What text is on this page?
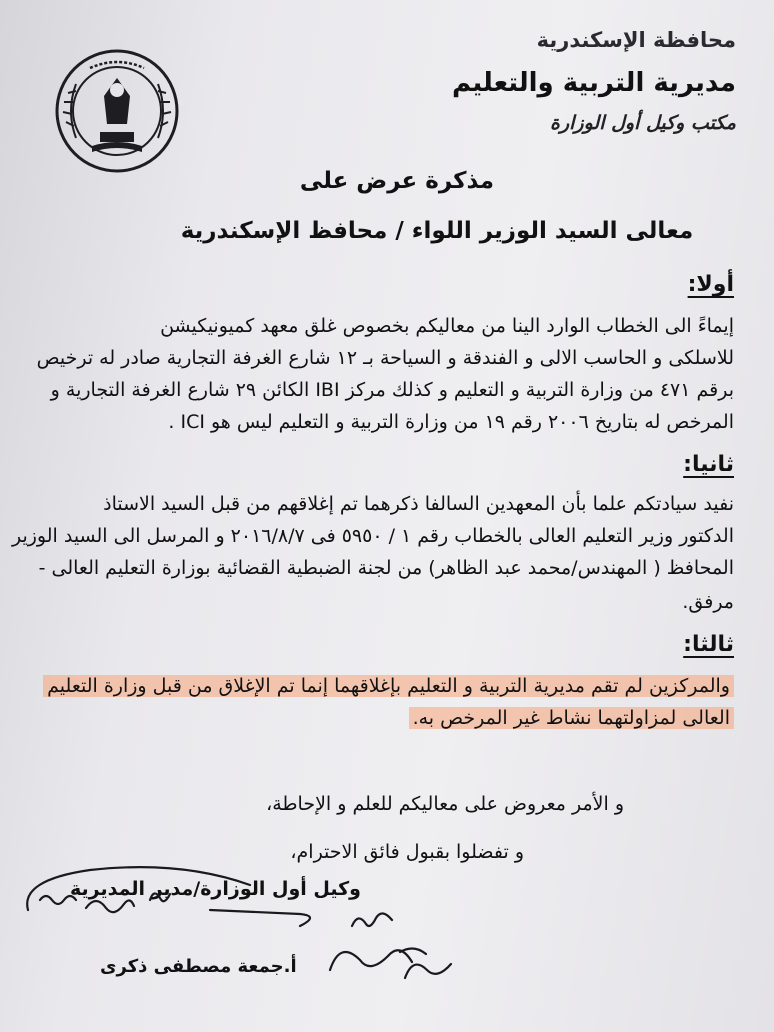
محافظة الإسكندرية
مديرية التربية والتعليم
مكتب وكيل أول الوزارة
مذكرة عرض على
معالى السيد الوزير اللواء / محافظ الإسكندرية
أولا:
إيماءً الى الخطاب الوارد الينا من معاليكم بخصوص غلق معهد كميونيكيشن
للاسلكى و الحاسب الالى و الفندقة و السياحة بـ ١٢ شارع الغرفة التجارية صادر له ترخيص
برقم ٤٧١ من وزارة التربية و التعليم و كذلك مركز IBI الكائن ٢٩ شارع الغرفة التجارية و
المرخص له بتاريخ ٢٠٠٦ رقم ١٩ من وزارة التربية و التعليم ليس هو ICI .
ثانيا:
نفيد سيادتكم علما بأن المعهدين السالفا ذكرهما تم إغلاقهم من قبل السيد الاستاذ
الدكتور وزير التعليم العالى بالخطاب رقم ١ / ٥٩٥٠ فى ٢٠١٦/٨/٧ و المرسل الى السيد الوزير
المحافظ ( المهندس/محمد عبد الظاهر) من لجنة الضبطية القضائية بوزارة التعليم العالى -
مرفق.
ثالثا:
والمركزين لم تقم مديرية التربية و التعليم بإغلاقهما إنما تم الإغلاق من قبل وزارة التعليم
العالى لمزاولتهما نشاط غير المرخص به.
و الأمر معروض على معاليكم للعلم و الإحاطة،
و تفضلوا بقبول فائق الاحترام،
وكيل أول الوزارة/مدير المديرية
أ.جمعة مصطفى ذكرى
